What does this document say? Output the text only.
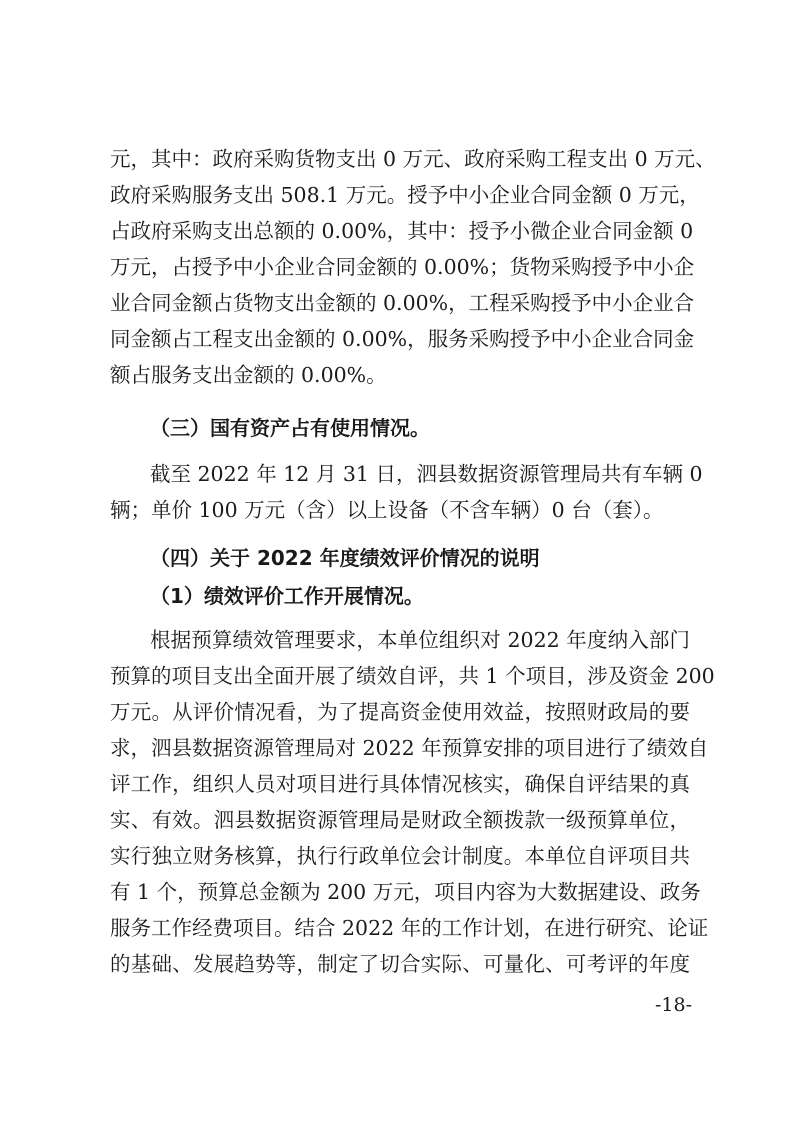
元，其中：政府采购货物支出 0 万元、政府采购工程支出 0 万元、
政府采购服务支出 508.1 万元。授予中小企业合同金额 0 万元，
占政府采购支出总额的 0.00%，其中：授予小微企业合同金额 0
万元，占授予中小企业合同金额的 0.00%；货物采购授予中小企
业合同金额占货物支出金额的 0.00%，工程采购授予中小企业合
同金额占工程支出金额的 0.00%，服务采购授予中小企业合同金
额占服务支出金额的 0.00%。
（三）国有资产占有使用情况。
截至 2022 年 12 月 31 日，泗县数据资源管理局共有车辆 0
辆；单价 100 万元（含）以上设备（不含车辆）0 台（套）。
（四）关于 2022 年度绩效评价情况的说明
（1）绩效评价工作开展情况。
根据预算绩效管理要求，本单位组织对 2022 年度纳入部门
预算的项目支出全面开展了绩效自评，共 1 个项目，涉及资金 200
万元。从评价情况看，为了提高资金使用效益，按照财政局的要
求，泗县数据资源管理局对 2022 年预算安排的项目进行了绩效自
评工作，组织人员对项目进行具体情况核实，确保自评结果的真
实、有效。泗县数据资源管理局是财政全额拨款一级预算单位，
实行独立财务核算，执行行政单位会计制度。本单位自评项目共
有 1 个，预算总金额为 200 万元，项目内容为大数据建设、政务
服务工作经费项目。结合 2022 年的工作计划，在进行研究、论证
的基础、发展趋势等，制定了切合实际、可量化、可考评的年度
-18-
